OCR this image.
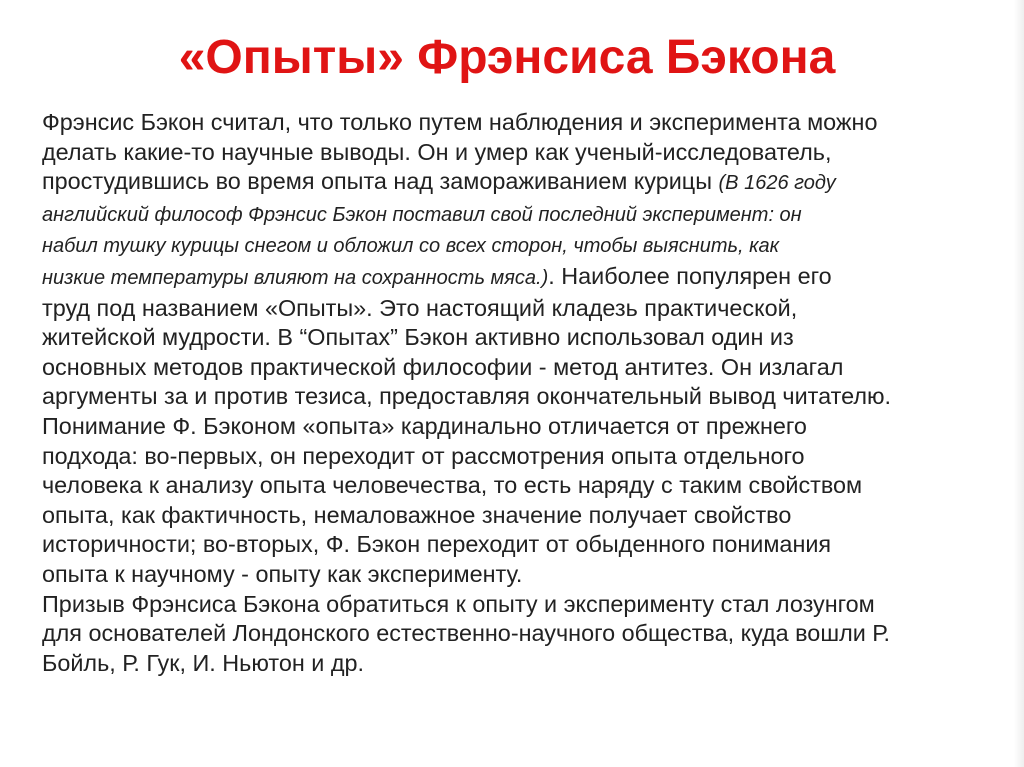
«Опыты» Фрэнсиса Бэкона
Фрэнсис Бэкон считал, что только путем наблюдения и эксперимента можно
делать какие-то научные выводы. Он и умер как ученый-исследователь,
простудившись во время опыта над замораживанием курицы (В 1626 году
английский философ Фрэнсис Бэкон поставил свой последний эксперимент: он
набил тушку курицы снегом и обложил со всех сторон, чтобы выяснить, как
низкие температуры влияют на сохранность мяса.). Наиболее популярен его
труд под названием «Опыты». Это настоящий кладезь практической,
житейской мудрости. В “Опытах” Бэкон активно использовал один из
основных методов практической философии - метод антитез. Он излагал
аргументы за и против тезиса, предоставляя окончательный вывод читателю.
Понимание Ф. Бэконом «опыта» кардинально отличается от прежнего
подхода: во-первых, он переходит от рассмотрения опыта отдельного
человека к анализу опыта человечества, то есть наряду с таким свойством
опыта, как фактичность, немаловажное значение получает свойство
историчности; во-вторых, Ф. Бэкон переходит от обыденного понимания
опыта к научному - опыту как эксперименту.
Призыв Фрэнсиса Бэкона обратиться к опыту и эксперименту стал лозунгом
для основателей Лондонского естественно-научного общества, куда вошли Р.
Бойль, Р. Гук, И. Ньютон и др.
